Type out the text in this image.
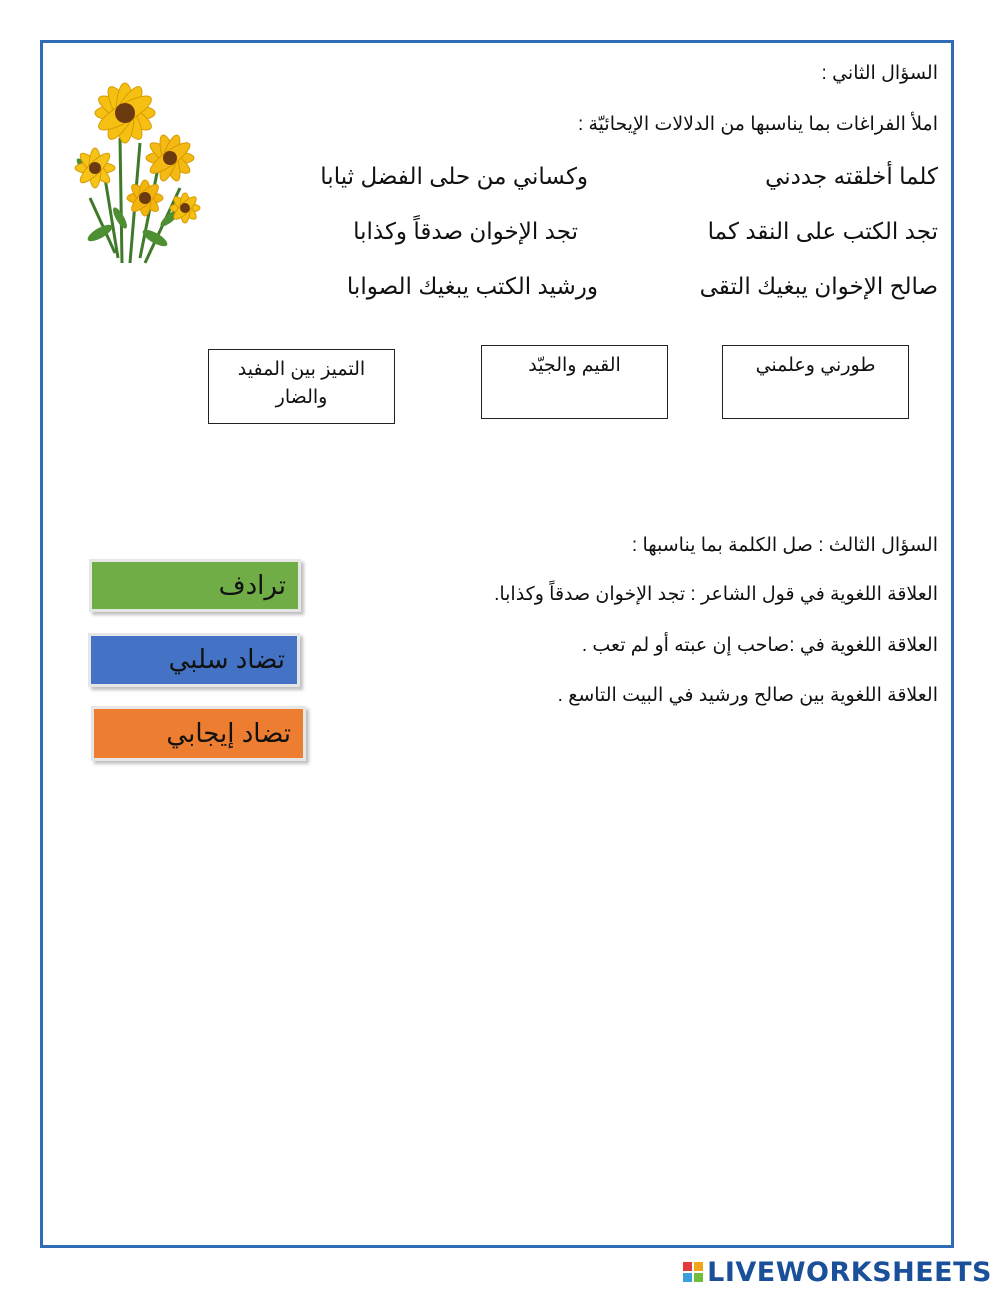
السؤال الثاني :
املأ الفراغات بما يناسبها من الدلالات الإيحائيّة :
كلما أخلقته جددني
وكساني من حلى الفضل ثيابا
تجد الكتب على النقد كما
تجد الإخوان صدقاً وكذابا
صالح الإخوان يبغيك التقى
ورشيد الكتب يبغيك الصوابا
طورني وعلمني
القيم والجيّد
التميز بين المفيد والضار
السؤال الثالث : صل الكلمة بما يناسبها :
العلاقة اللغوية في قول الشاعر : تجد الإخوان صدقاً وكذابا.
العلاقة اللغوية في :صاحب إن عبته أو لم تعب .
العلاقة اللغوية بين صالح ورشيد في البيت التاسع .
ترادف
تضاد سلبي
تضاد إيجابي
LIVEWORKSHEETS
